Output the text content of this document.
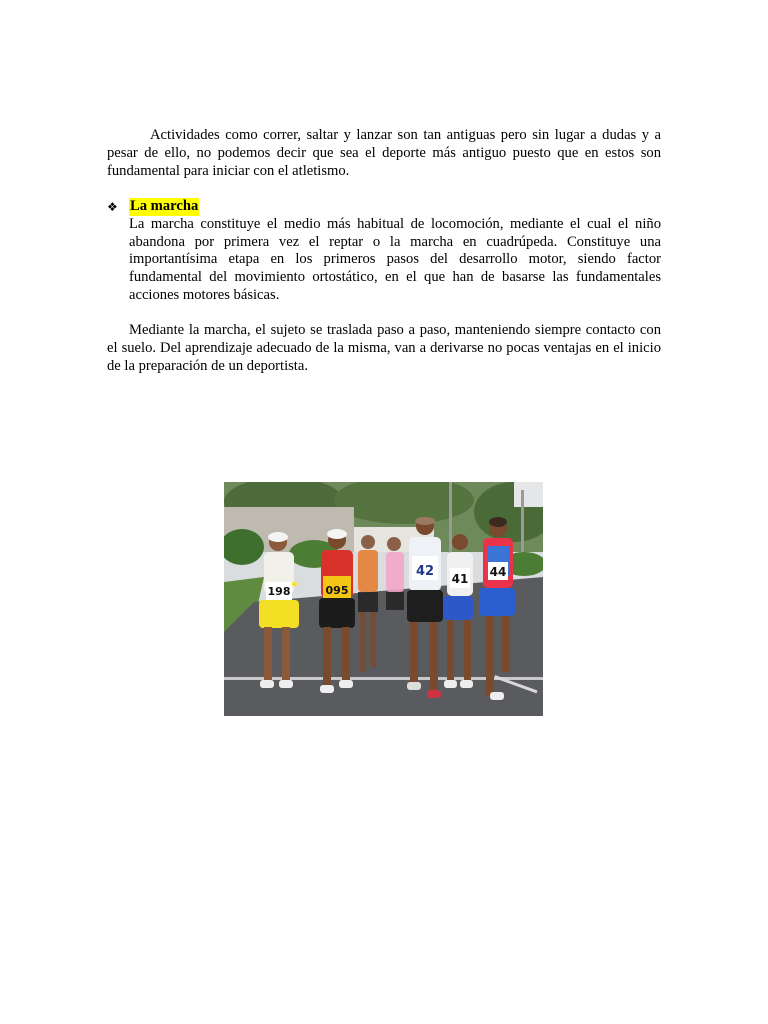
Actividades como correr, saltar y lanzar son tan antiguas pero sin lugar a dudas y a pesar de ello, no podemos decir que sea el deporte más antiguo puesto que en estos son fundamental para iniciar con el atletismo.
❖ La marcha
La marcha constituye el medio más habitual de locomoción, mediante el cual el niño abandona por primera vez el reptar o la marcha en cuadrúpeda. Constituye una importantísima etapa en los primeros pasos del desarrollo motor, siendo factor fundamental del movimiento ortostático, en el que han de basarse las fundamentales acciones motores básicas.
Mediante la marcha, el sujeto se traslada paso a paso, manteniendo siempre contacto con el suelo. Del aprendizaje adecuado de la misma, van a derivarse no pocas ventajas en el inicio de la preparación de un deportista.
198	095
42 41 44
